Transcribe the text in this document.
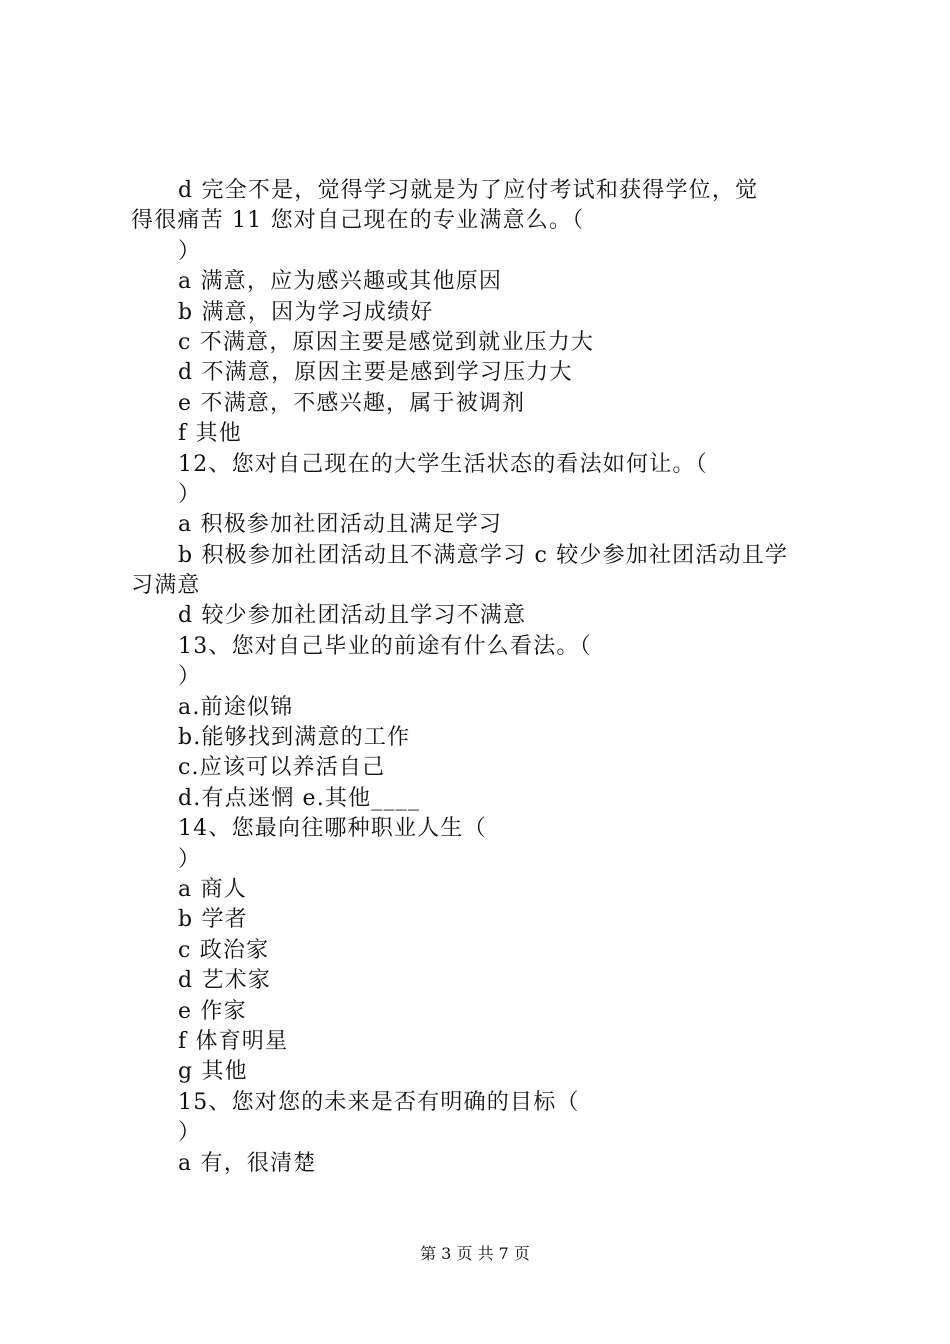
d 完全不是，觉得学习就是为了应付考试和获得学位，觉
得很痛苦 11 您对自己现在的专业满意么。（
）
a 满意，应为感兴趣或其他原因
b 满意，因为学习成绩好
c 不满意，原因主要是感觉到就业压力大
d 不满意，原因主要是感到学习压力大
e 不满意，不感兴趣，属于被调剂
f 其他
12、您对自己现在的大学生活状态的看法如何让。（
）
a 积极参加社团活动且满足学习
b 积极参加社团活动且不满意学习 c 较少参加社团活动且学
习满意
d 较少参加社团活动且学习不满意
13、您对自己毕业的前途有什么看法。（
）
a.前途似锦
b.能够找到满意的工作
c.应该可以养活自己
d.有点迷惘 e.其他____
14、您最向往哪种职业人生（
）
a 商人
b 学者
c 政治家
d 艺术家
e 作家
f 体育明星
g 其他
15、您对您的未来是否有明确的目标（
）
a 有，很清楚
第 3 页 共 7 页
